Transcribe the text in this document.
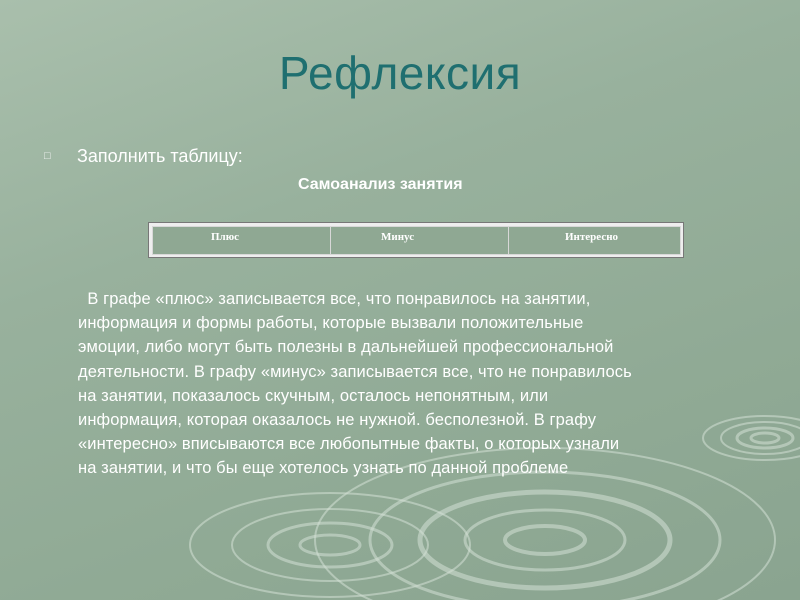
Рефлексия
□ Заполнить таблицу:
Самоанализ занятия
Плюс	Минус	Интересно
В графе «плюс» записывается все, что понравилось на занятии,
информация и формы работы, которые вызвали положительные
эмоции, либо могут быть полезны в дальнейшей профессиональной
деятельности. В графу «минус» записывается все, что не понравилось
на занятии, показалось скучным, осталось непонятным, или
информация, которая оказалось не нужной. бесполезной. В графу
«интересно» вписываются все любопытные факты, о которых узнали
на занятии, и что бы еще хотелось узнать по данной проблеме
